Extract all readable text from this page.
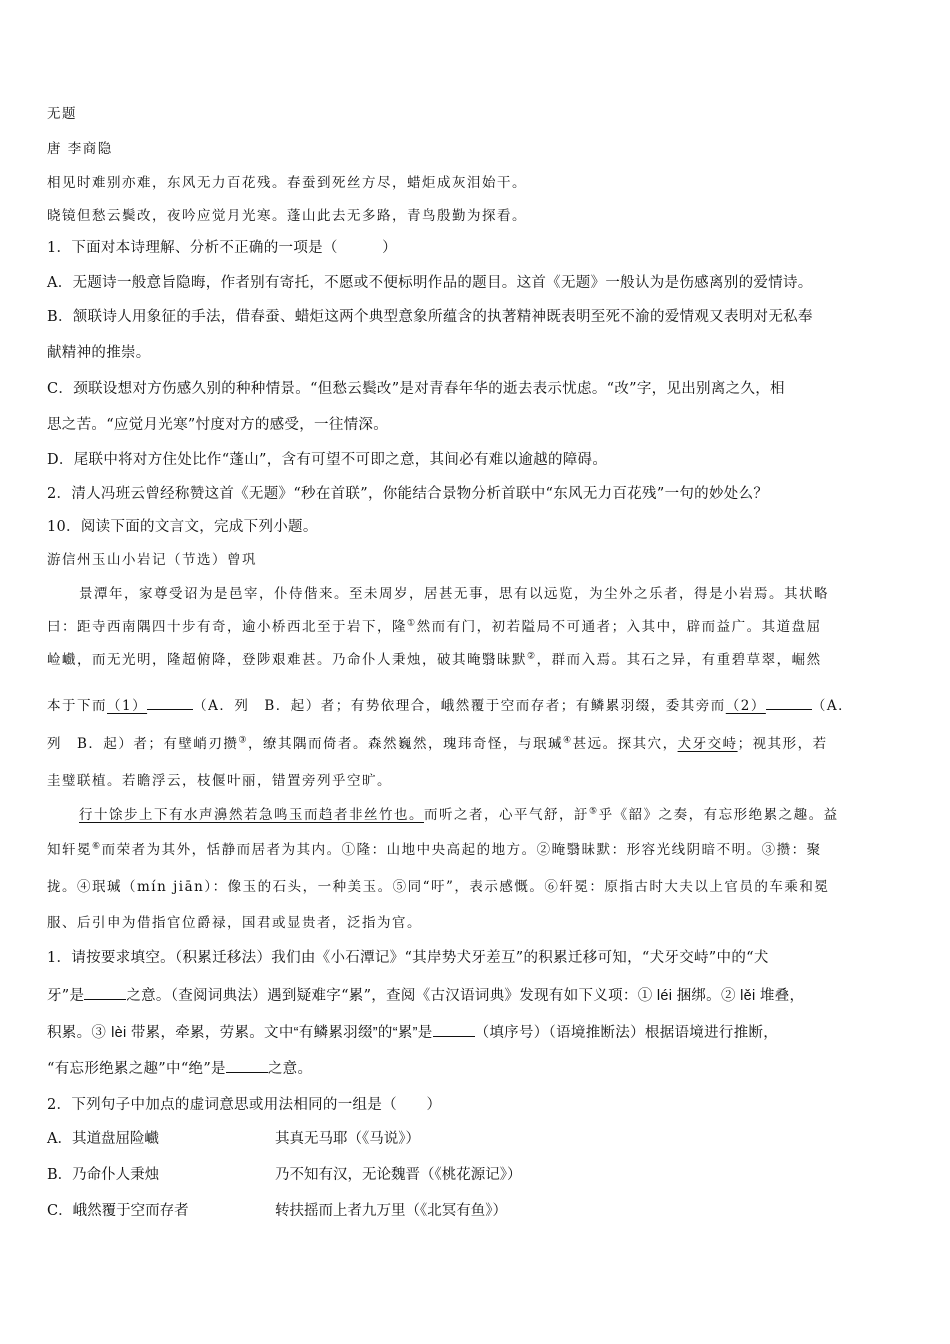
无题
唐 李商隐
相见时难别亦难，东风无力百花残。春蚕到死丝方尽，蜡炬成灰泪始干。
晓镜但愁云鬓改，夜吟应觉月光寒。蓬山此去无多路，青鸟殷勤为探看。
1．下面对本诗理解、分析不正确的一项是（　　　）
A．无题诗一般意旨隐晦，作者别有寄托，不愿或不便标明作品的题目。这首《无题》一般认为是伤感离别的爱情诗。
B．颔联诗人用象征的手法，借春蚕、蜡炬这两个典型意象所蕴含的执著精神既表明至死不渝的爱情观又表明对无私奉
献精神的推崇。
C．颈联设想对方伤感久别的种种情景。“但愁云鬓改”是对青春年华的逝去表示忧虑。“改”字，见出别离之久，相
思之苦。“应觉月光寒”忖度对方的感受，一往情深。
D．尾联中将对方住处比作“蓬山”，含有可望不可即之意，其间必有难以逾越的障碍。
2．清人冯班云曾经称赞这首《无题》“秒在首联”，你能结合景物分析首联中“东风无力百花残”一句的妙处么？
10．阅读下面的文言文，完成下列小题。
游信州玉山小岩记（节选）曾巩
景潭年，家尊受诏为是邑宰，仆侍偕来。至未周岁，居甚无事，思有以远览，为尘外之乐者，得是小岩焉。其状略
曰：距寺西南隅四十步有奇，逾小桥西北至于岩下，隆①然而有门，初若隘局不可通者；入其中，辟而益广。其道盘屈
崄巇，而无光明，隆超俯降，登陟艰难甚。乃命仆人秉烛，破其晻翳昧默②，群而入焉。其石之异，有重碧草翠，崛然
本于下而（1）	（A．列　B．起）者；有势依理合，峨然覆于空而存者；有鳞累羽缀，委其旁而（2）	（A．
列　B．起）者；有壁峭刃攒③，缭其隅而倚者。森然巍然，瑰玮奇怪，与珉瑊④甚远。探其穴，犬牙交峙；视其形，若
圭璧联植。若瞻浮云，枝偃叶丽，错置旁列乎空旷。
行十馀步上下有水声濞然若急鸣玉而趋者非丝竹也。而听之者，心平气舒，訏⑤乎《韶》之奏，有忘形绝累之趣。益
知轩冕⑥而荣者为其外，恬静而居者为其内。①隆：山地中央高起的地方。②晻翳昧默：形容光线阴暗不明。③攒：聚
拢。④珉瑊（mín jiān）：像玉的石头，一种美玉。⑤同“吁”，表示感慨。⑥轩冕：原指古时大夫以上官员的车乘和冕
服、后引申为借指官位爵禄，国君或显贵者，泛指为官。
1．请按要求填空。（积累迁移法）我们由《小石潭记》“其岸势犬牙差互”的积累迁移可知，“犬牙交峙”中的“犬
牙”是	之意。（查阅词典法）遇到疑难字“累”，查阅《古汉语词典》发现有如下义项：① léi 捆绑。② lěi 堆叠，
积累。③ lèi 带累，牵累，劳累。文中“有鳞累羽缀”的“累”是	（填序号）（语境推断法）根据语境进行推断，
“有忘形绝累之趣”中“绝”是	之意。
2．下列句子中加点的虚词意思或用法相同的一组是（　　）
A．其道盘屈险巇	其真无马耶（《马说》）
B．乃命仆人秉烛	乃不知有汉，无论魏晋（《桃花源记》）
C．峨然覆于空而存者	转扶摇而上者九万里（《北冥有鱼》）
